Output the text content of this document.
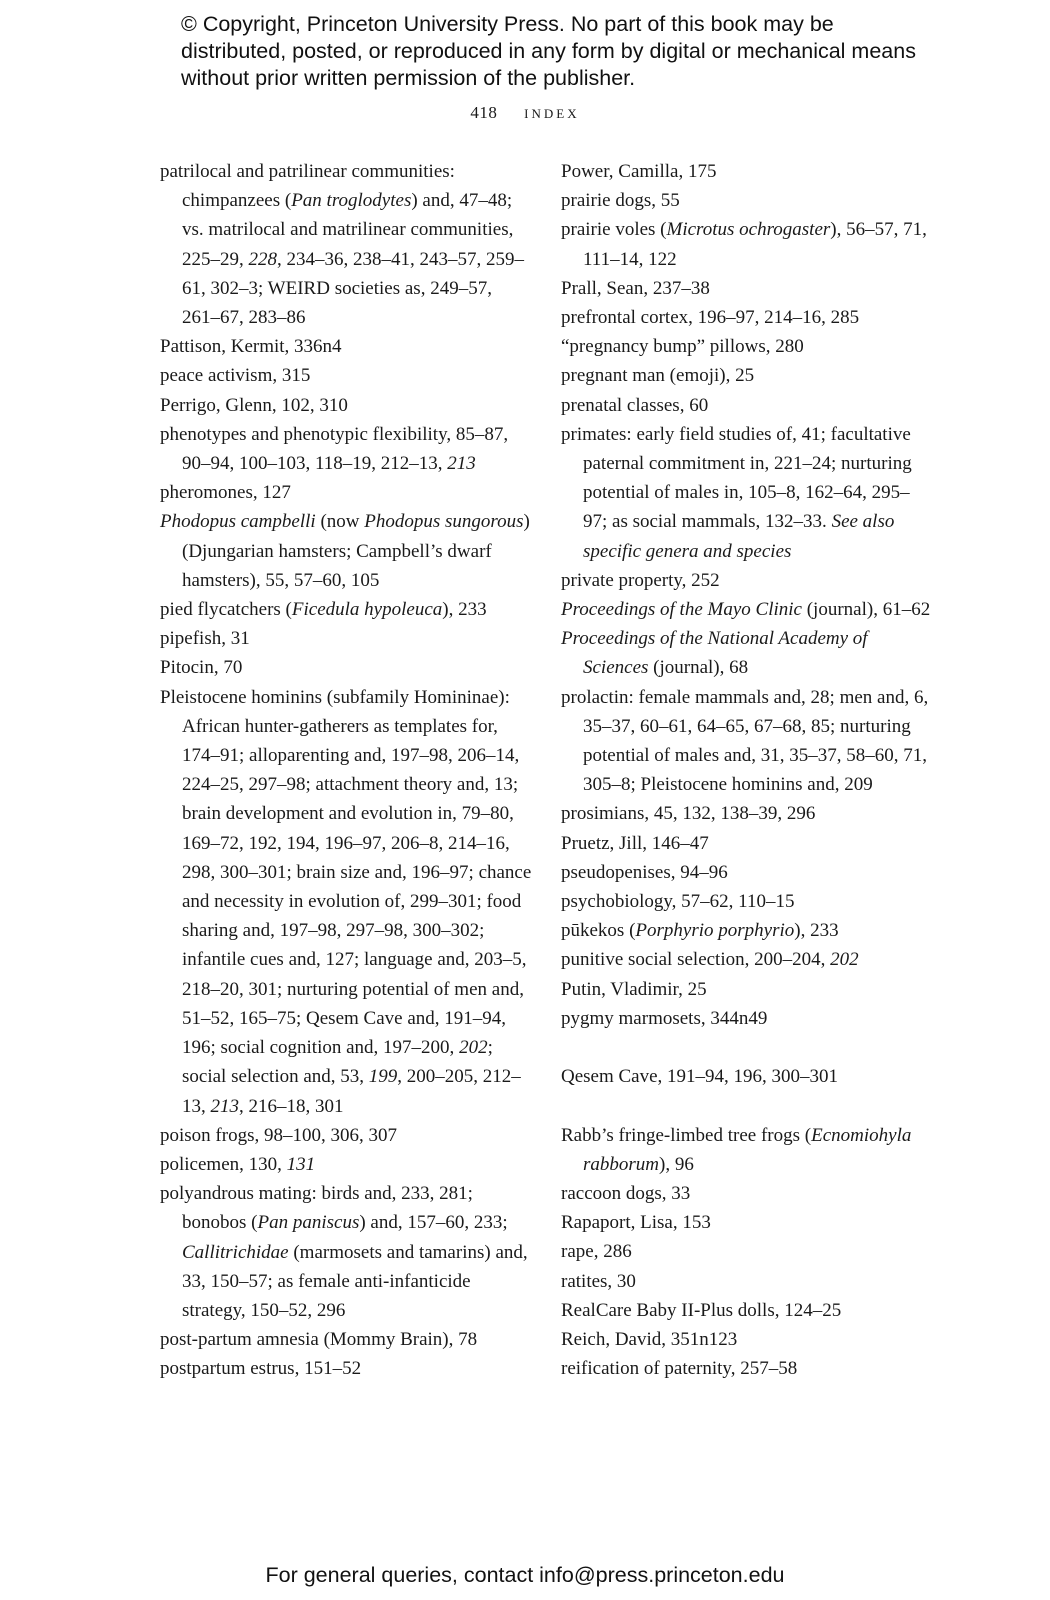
© Copyright, Princeton University Press. No part of this book may be distributed, posted, or reproduced in any form by digital or mechanical means without prior written permission of the publisher.
418 index

patrilocal and patrilinear communities: chimpanzees (Pan troglodytes) and, 47–48; vs. matrilocal and matrilinear communities, 225–29, 228, 234–36, 238–41, 243–57, 259–61, 302–3; WEIRD societies as, 249–57, 261–67, 283–86

Pattison, Kermit, 336n4

peace activism, 315

Perrigo, Glenn, 102, 310

phenotypes and phenotypic flexibility, 85–87, 90–94, 100–103, 118–19, 212–13, 213

pheromones, 127

Phodopus campbelli (now Phodopus sungorous) (Djungarian hamsters; Campbell’s dwarf hamsters), 55, 57–60, 105

pied flycatchers (Ficedula hypoleuca), 233

pipefish, 31

Pitocin, 70

Pleistocene hominins (subfamily Homininae): African hunter-gatherers as templates for, 174–91; alloparenting and, 197–98, 206–14, 224–25, 297–98; attachment theory and, 13; brain development and evolution in, 79–80, 169–72, 192, 194, 196–97, 206–8, 214–16, 298, 300–301; brain size and, 196–97; chance and necessity in evolution of, 299–301; food sharing and, 197–98, 297–98, 300–302; infantile cues and, 127; language and, 203–5, 218–20, 301; nurturing potential of men and, 51–52, 165–75; Qesem Cave and, 191–94, 196; social cognition and, 197–200, 202; social selection and, 53, 199, 200–205, 212–13, 213, 216–18, 301

poison frogs, 98–100, 306, 307

policemen, 130, 131

polyandrous mating: birds and, 233, 281; bonobos (Pan paniscus) and, 157–60, 233; Callitrichidae (marmosets and tamarins) and, 33, 150–57; as female anti-infanticide strategy, 150–52, 296

post-partum amnesia (Mommy Brain), 78

postpartum estrus, 151–52

Power, Camilla, 175

prairie dogs, 55

prairie voles (Microtus ochrogaster), 56–57, 71, 111–14, 122

Prall, Sean, 237–38

prefrontal cortex, 196–97, 214–16, 285

“pregnancy bump” pillows, 280

pregnant man (emoji), 25

prenatal classes, 60

primates: early field studies of, 41; facultative paternal commitment in, 221–24; nurturing potential of males in, 105–8, 162–64, 295–97; as social mammals, 132–33. See also specific genera and species

private property, 252

Proceedings of the Mayo Clinic (journal), 61–62

Proceedings of the National Academy of Sciences (journal), 68

prolactin: female mammals and, 28; men and, 6, 35–37, 60–61, 64–65, 67–68, 85; nurturing potential of males and, 31, 35–37, 58–60, 71, 305–8; Pleistocene hominins and, 209

prosimians, 45, 132, 138–39, 296

Pruetz, Jill, 146–47

pseudopenises, 94–96

psychobiology, 57–62, 110–15

pūkekos (Porphyrio porphyrio), 233

punitive social selection, 200–204, 202

Putin, Vladimir, 25

pygmy marmosets, 344n49

Qesem Cave, 191–94, 196, 300–301

Rabb’s fringe-limbed tree frogs (Ecnomiohyla rabborum), 96

raccoon dogs, 33

Rapaport, Lisa, 153

rape, 286

ratites, 30

RealCare Baby II-Plus dolls, 124–25

Reich, David, 351n123

reification of paternity, 257–58

For general queries, contact info@press.princeton.edu
